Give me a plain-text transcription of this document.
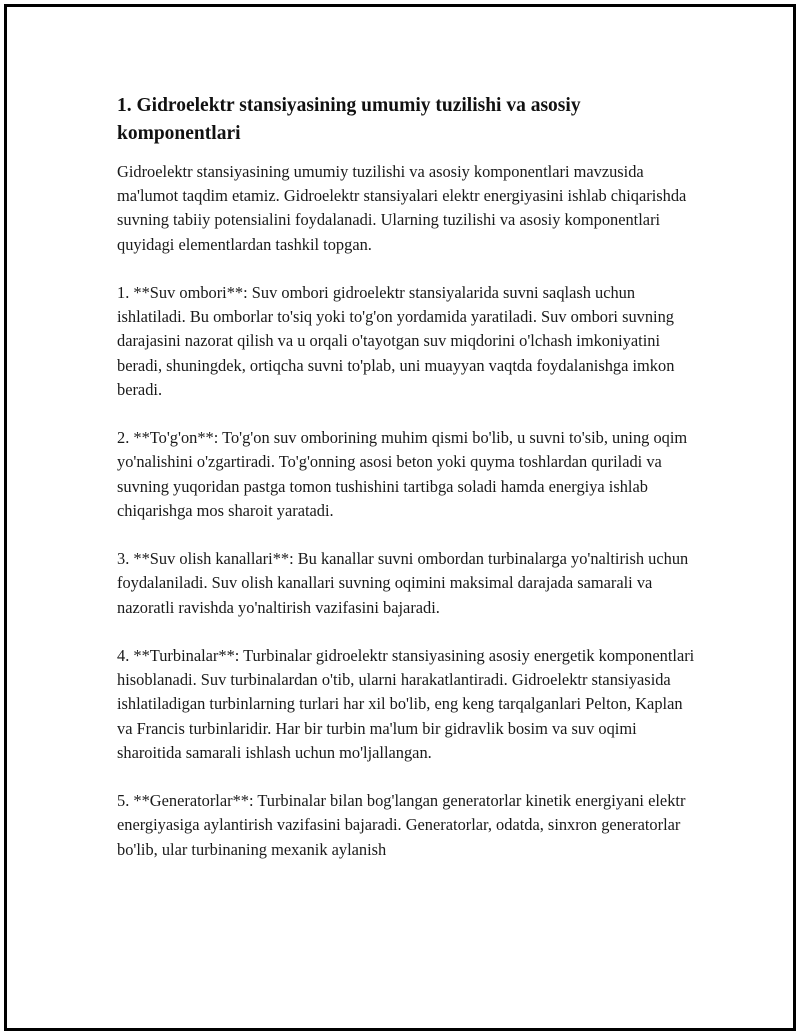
1. Gidroelektr stansiyasining umumiy tuzilishi va asosiy komponentlari

Gidroelektr stansiyasining umumiy tuzilishi va asosiy komponentlari mavzusida ma'lumot taqdim etamiz. Gidroelektr stansiyalari elektr energiyasini ishlab chiqarishda suvning tabiiy potensialini foydalanadi. Ularning tuzilishi va asosiy komponentlari quyidagi elementlardan tashkil topgan.

1. **Suv ombori**: Suv ombori gidroelektr stansiyalarida suvni saqlash uchun ishlatiladi. Bu omborlar to'siq yoki to'g'on yordamida yaratiladi. Suv ombori suvning darajasini nazorat qilish va u orqali o'tayotgan suv miqdorini o'lchash imkoniyatini beradi, shuningdek, ortiqcha suvni to'plab, uni muayyan vaqtda foydalanishga imkon beradi.

2. **To'g'on**: To'g'on suv omborining muhim qismi bo'lib, u suvni to'sib, uning oqim yo'nalishini o'zgartiradi. To'g'onning asosi beton yoki quyma toshlardan quriladi va suvning yuqoridan pastga tomon tushishini tartibga soladi hamda energiya ishlab chiqarishga mos sharoit yaratadi.

3. **Suv olish kanallari**: Bu kanallar suvni ombordan turbinalarga yo'naltirish uchun foydalaniladi. Suv olish kanallari suvning oqimini maksimal darajada samarali va nazoratli ravishda yo'naltirish vazifasini bajaradi.

4. **Turbinalar**: Turbinalar gidroelektr stansiyasining asosiy energetik komponentlari hisoblanadi. Suv turbinalardan o'tib, ularni harakatlantiradi. Gidroelektr stansiyasida ishlatiladigan turbinlarning turlari har xil bo'lib, eng keng tarqalganlari Pelton, Kaplan va Francis turbinlaridir. Har bir turbin ma'lum bir gidravlik bosim va suv oqimi sharoitida samarali ishlash uchun mo'ljallangan.

5. **Generatorlar**: Turbinalar bilan bog'langan generatorlar kinetik energiyani elektr energiyasiga aylantirish vazifasini bajaradi. Generatorlar, odatda, sinxron generatorlar bo'lib, ular turbinaning mexanik aylanish
